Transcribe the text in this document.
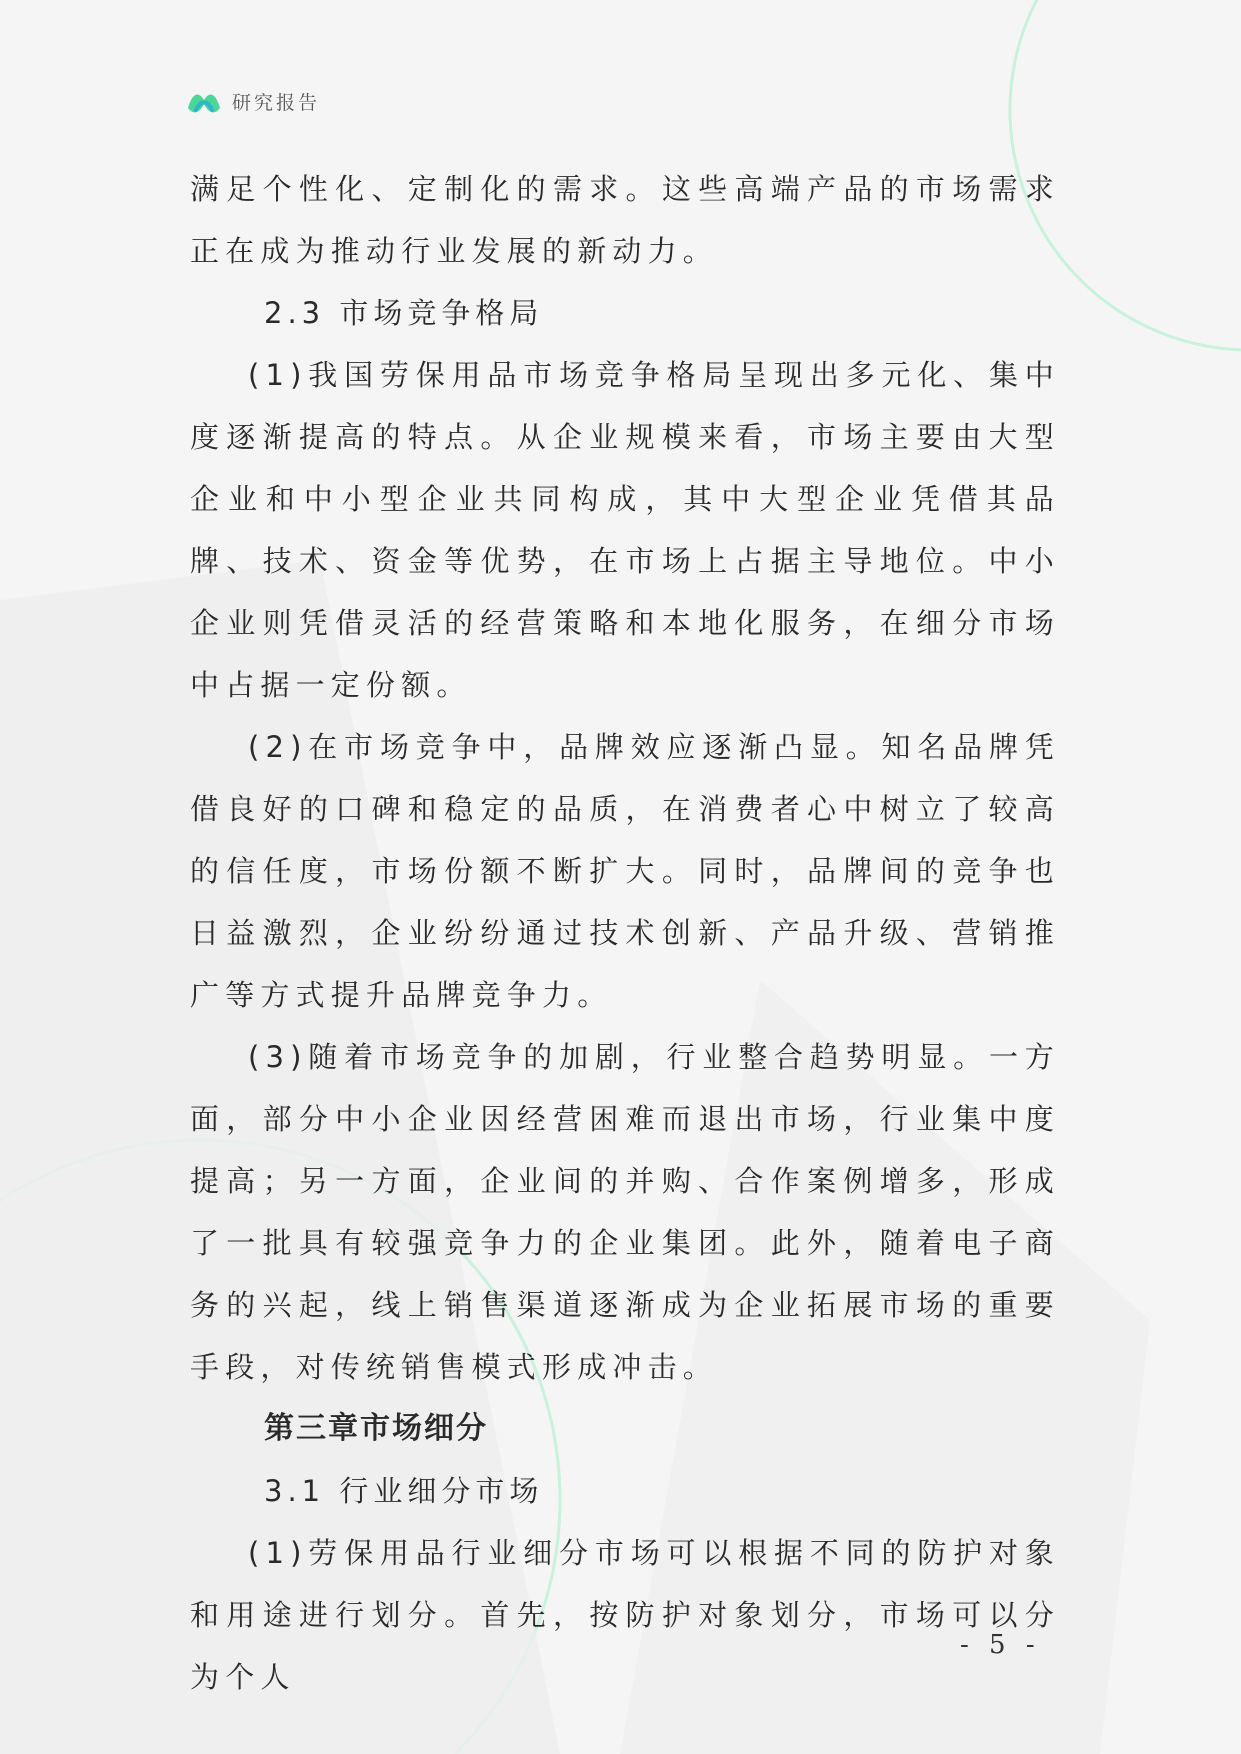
研究报告

满足个性化、定制化的需求。这些高端产品的市场需求正在成为推动行业发展的新动力。

2.3 市场竞争格局

(1)我国劳保用品市场竞争格局呈现出多元化、集中度逐渐提高的特点。从企业规模来看，市场主要由大型企业和中小型企业共同构成，其中大型企业凭借其品牌、技术、资金等优势，在市场上占据主导地位。中小企业则凭借灵活的经营策略和本地化服务，在细分市场中占据一定份额。

(2)在市场竞争中，品牌效应逐渐凸显。知名品牌凭借良好的口碑和稳定的品质，在消费者心中树立了较高的信任度，市场份额不断扩大。同时，品牌间的竞争也日益激烈，企业纷纷通过技术创新、产品升级、营销推广等方式提升品牌竞争力。

(3)随着市场竞争的加剧，行业整合趋势明显。一方面，部分中小企业因经营困难而退出市场，行业集中度提高；另一方面，企业间的并购、合作案例增多，形成了一批具有较强竞争力的企业集团。此外，随着电子商务的兴起，线上销售渠道逐渐成为企业拓展市场的重要手段，对传统销售模式形成冲击。

第三章市场细分

3.1 行业细分市场

(1)劳保用品行业细分市场可以根据不同的防护对象和用途进行划分。首先，按防护对象划分，市场可以分为个人

- 5 -
